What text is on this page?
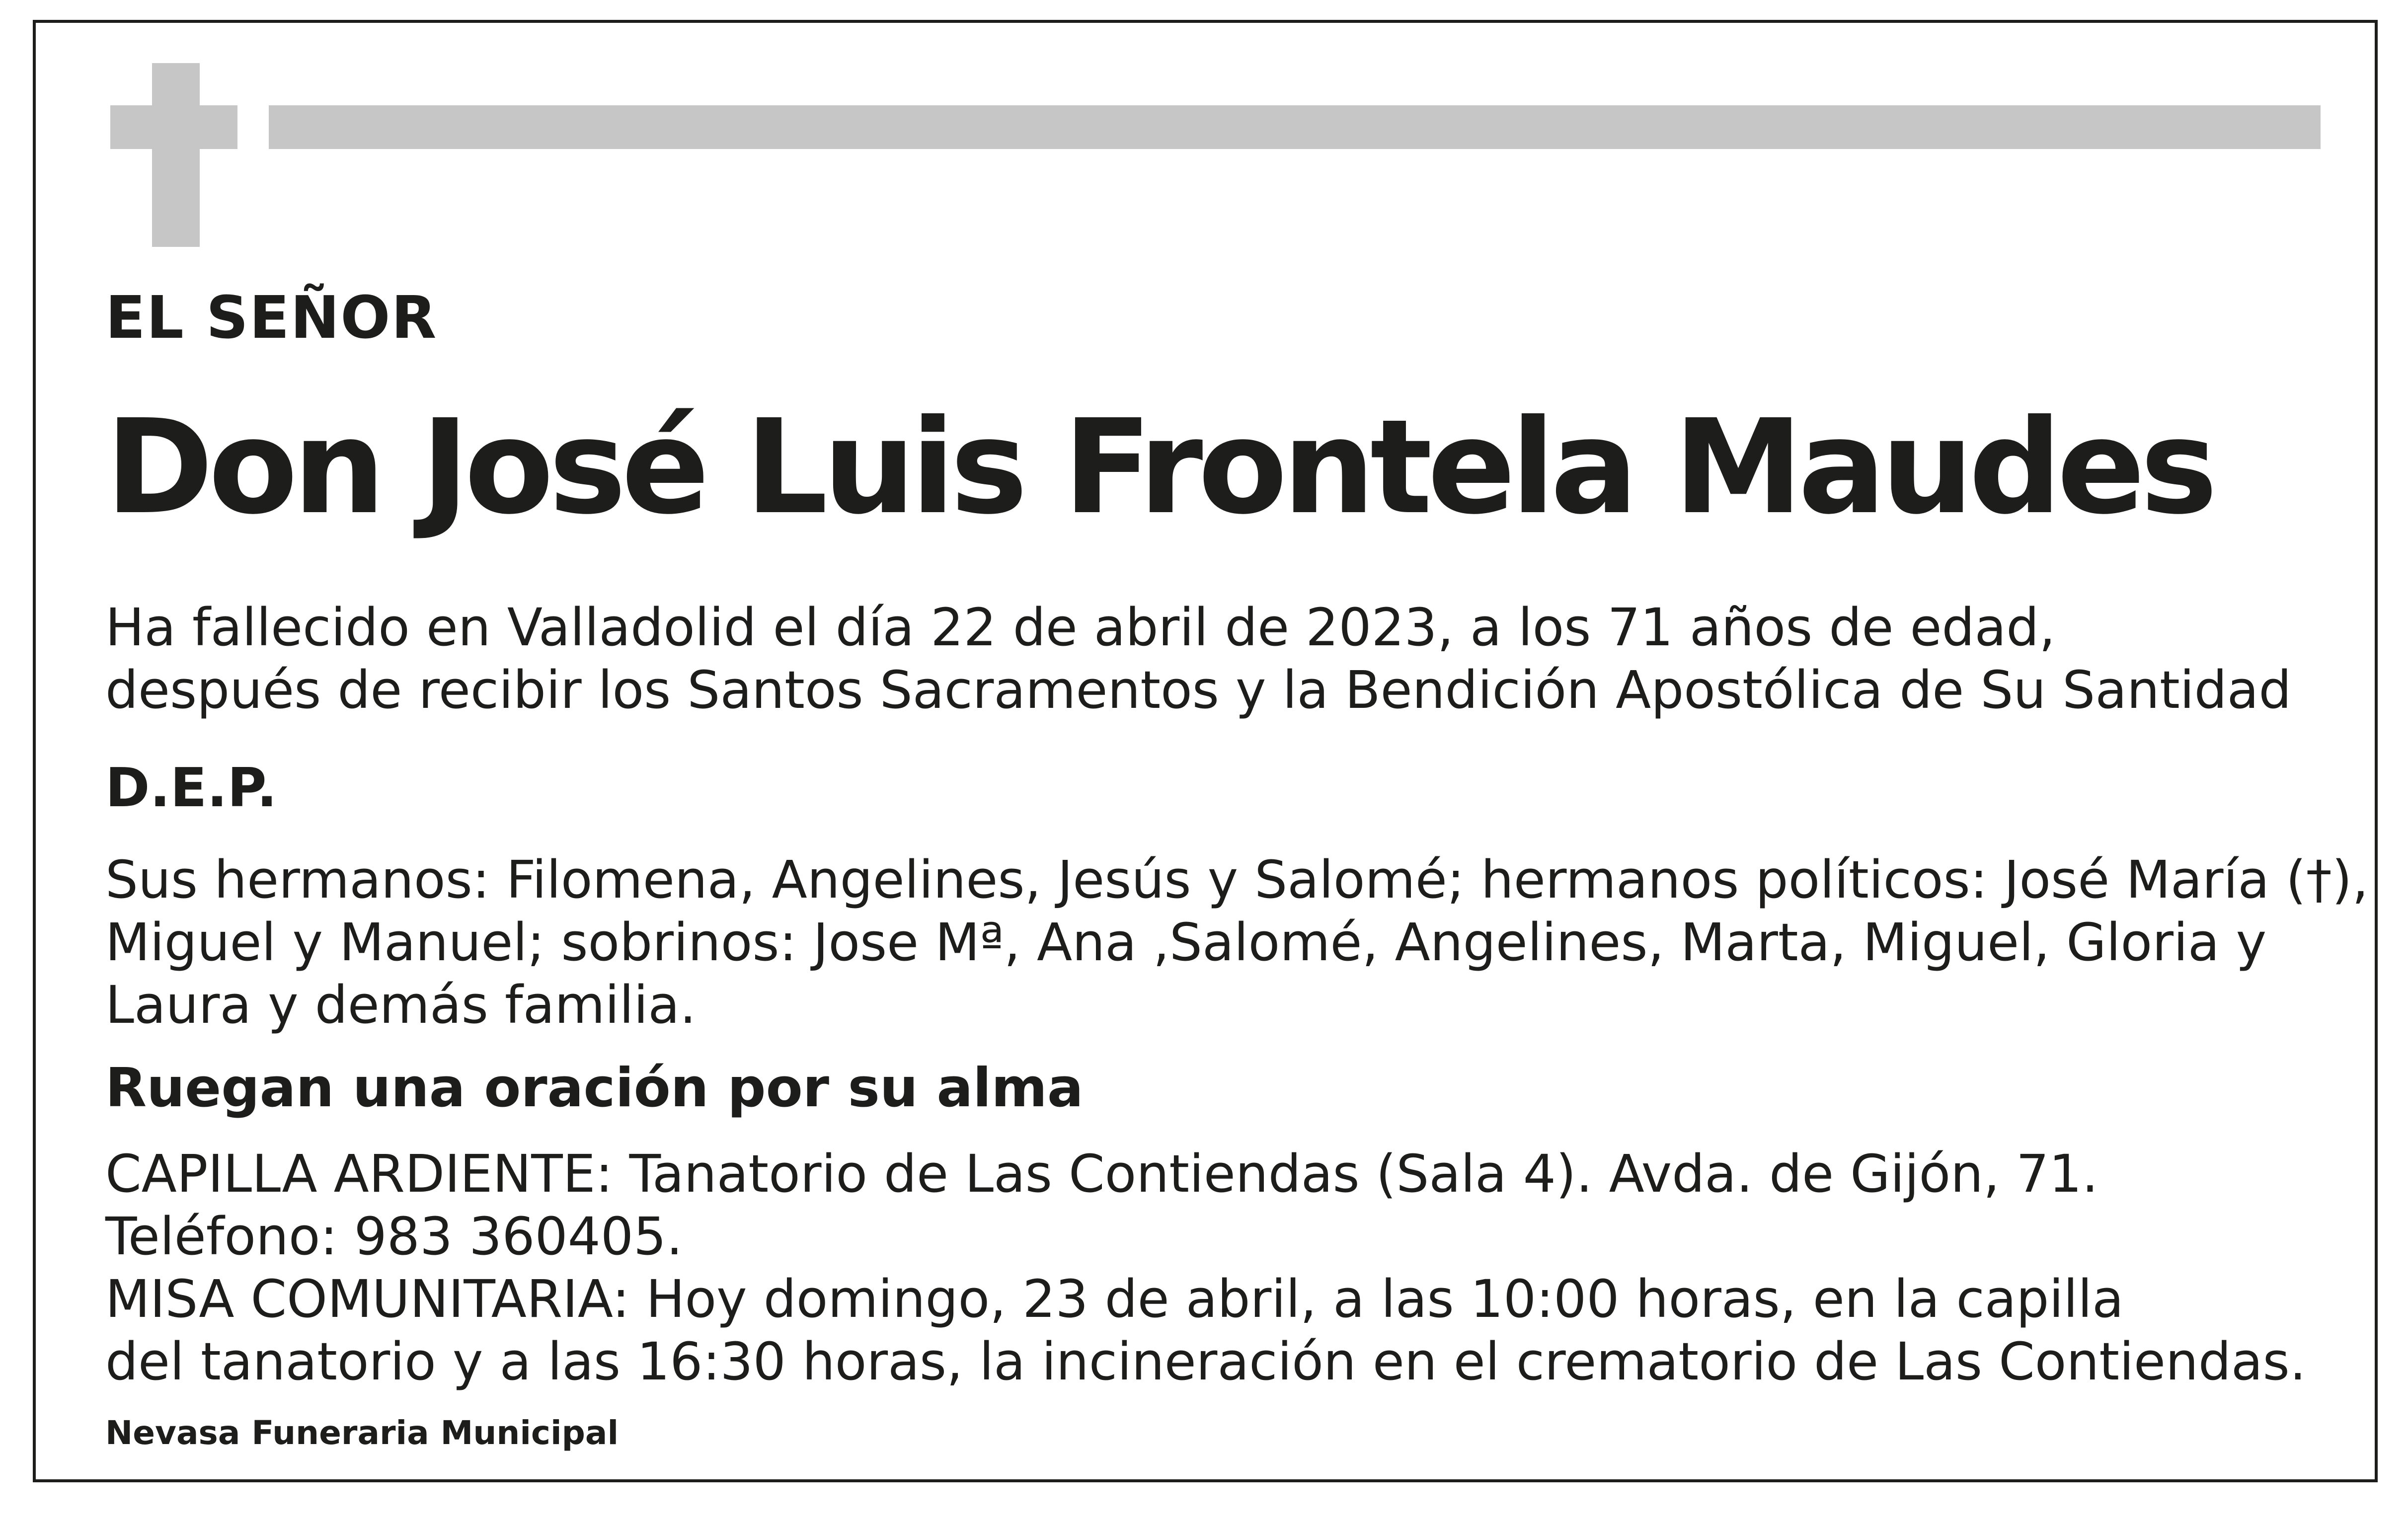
EL SEÑOR

Don José Luis Frontela Maudes

Ha fallecido en Valladolid el día 22 de abril de 2023, a los 71 años de edad,
después de recibir los Santos Sacramentos y la Bendición Apostólica de Su Santidad

D.E.P.

Sus hermanos: Filomena, Angelines, Jesús y Salomé; hermanos políticos: José María (†),
Miguel y Manuel; sobrinos: Jose Mª, Ana ,Salomé, Angelines, Marta, Miguel, Gloria y
Laura y demás familia.

Ruegan una oración por su alma

CAPILLA ARDIENTE: Tanatorio de Las Contiendas (Sala 4). Avda. de Gijón, 71.
Teléfono: 983 360405.
MISA COMUNITARIA: Hoy domingo, 23 de abril, a las 10:00 horas, en la capilla
del tanatorio y a las 16:30 horas, la incineración en el crematorio de Las Contiendas.

Nevasa Funeraria Municipal
